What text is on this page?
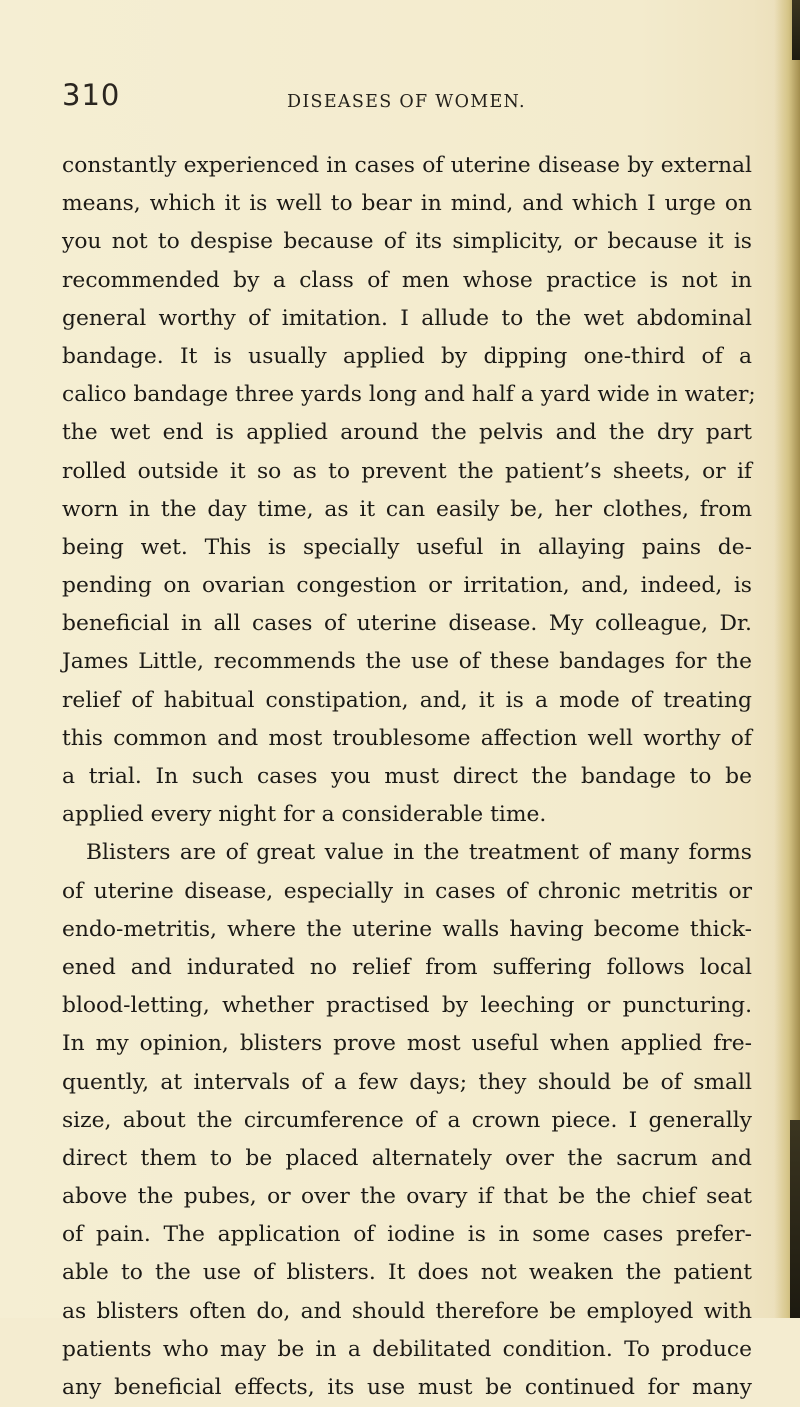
310	DISEASES OF WOMEN.
constantly experienced in cases of uterine disease by external
means, which it is well to bear in mind, and which I urge on
you not to despise because of its simplicity, or because it is
recommended by a class of men whose practice is not in
general worthy of imitation. I allude to the wet abdominal
bandage. It is usually applied by dipping one-third of a
calico bandage three yards long and half a yard wide in water;
the wet end is applied around the pelvis and the dry part
rolled outside it so as to prevent the patient’s sheets, or if
worn in the day time, as it can easily be, her clothes, from
being wet. This is specially useful in allaying pains de-
pending on ovarian congestion or irritation, and, indeed, is
beneficial in all cases of uterine disease. My colleague, Dr.
James Little, recommends the use of these bandages for the
relief of habitual constipation, and, it is a mode of treating
this common and most troublesome affection well worthy of
a trial. In such cases you must direct the bandage to be
applied every night for a considerable time.
Blisters are of great value in the treatment of many forms
of uterine disease, especially in cases of chronic metritis or
endo-metritis, where the uterine walls having become thick-
ened and indurated no relief from suffering follows local
blood-letting, whether practised by leeching or puncturing.
In my opinion, blisters prove most useful when applied fre-
quently, at intervals of a few days; they should be of small
size, about the circumference of a crown piece. I generally
direct them to be placed alternately over the sacrum and
above the pubes, or over the ovary if that be the chief seat
of pain. The application of iodine is in some cases prefer-
able to the use of blisters. It does not weaken the patient
as blisters often do, and should therefore be employed with
patients who may be in a debilitated condition. To produce
any beneficial effects, its use must be continued for many
